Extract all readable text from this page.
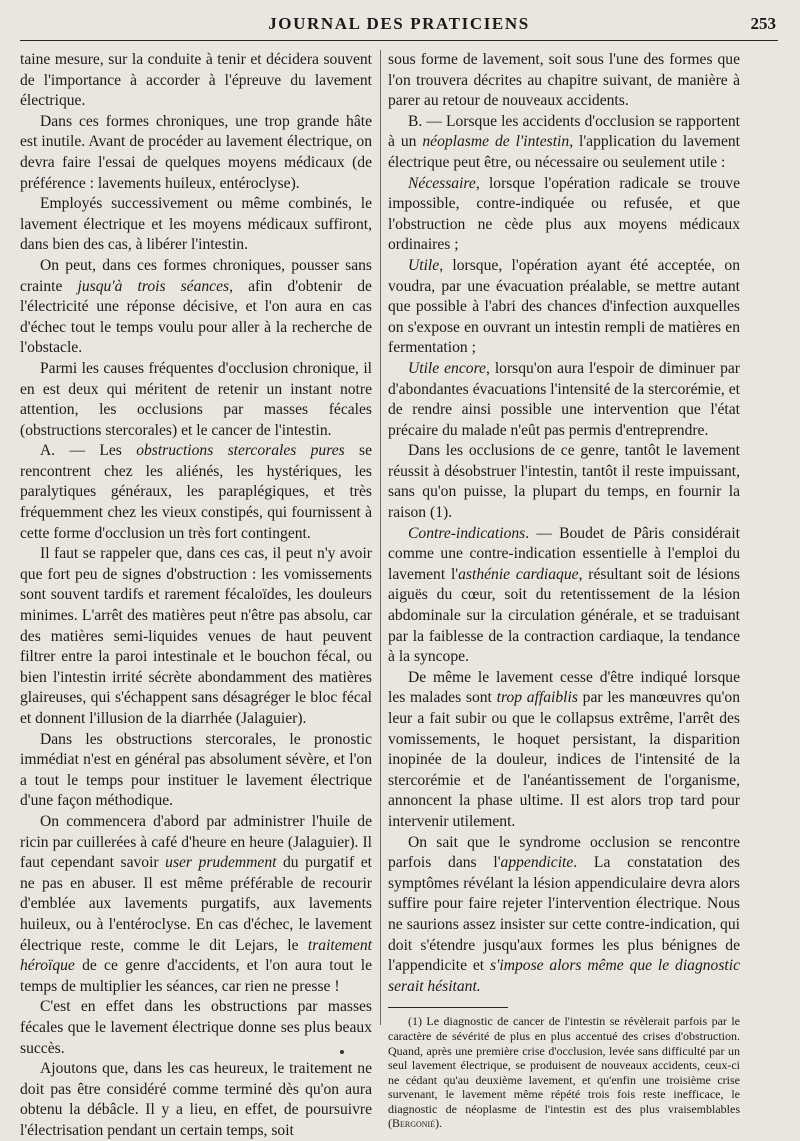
JOURNAL DES PRATICIENS	253

taine mesure, sur la conduite à tenir et décidera souvent de l'importance à accorder à l'épreuve du lavement électrique.

Dans ces formes chroniques, une trop grande hâte est inutile. Avant de procéder au lavement électrique, on devra faire l'essai de quelques moyens médicaux (de préférence : lavements huileux, entéroclyse).

Employés successivement ou même combinés, le lavement électrique et les moyens médicaux suffiront, dans bien des cas, à libérer l'intestin.

On peut, dans ces formes chroniques, pousser sans crainte jusqu'à trois séances, afin d'obtenir de l'électricité une réponse décisive, et l'on aura en cas d'échec tout le temps voulu pour aller à la recherche de l'obstacle.

Parmi les causes fréquentes d'occlusion chronique, il en est deux qui méritent de retenir un instant notre attention, les occlusions par masses fécales (obstructions stercorales) et le cancer de l'intestin.

A. — Les obstructions stercorales pures se rencontrent chez les aliénés, les hystériques, les paralytiques généraux, les paraplégiques, et très fréquemment chez les vieux constipés, qui fournissent à cette forme d'occlusion un très fort contingent.

Il faut se rappeler que, dans ces cas, il peut n'y avoir que fort peu de signes d'obstruction : les vomissements sont souvent tardifs et rarement fécaloïdes, les douleurs minimes. L'arrêt des matières peut n'être pas absolu, car des matières semi-liquides venues de haut peuvent filtrer entre la paroi intestinale et le bouchon fécal, ou bien l'intestin irrité sécrète abondamment des matières glaireuses, qui s'échappent sans désagréger le bloc fécal et donnent l'illusion de la diarrhée (Jalaguier).

Dans les obstructions stercorales, le pronostic immédiat n'est en général pas absolument sévère, et l'on a tout le temps pour instituer le lavement électrique d'une façon méthodique.

On commencera d'abord par administrer l'huile de ricin par cuillerées à café d'heure en heure (Jalaguier). Il faut cependant savoir user prudemment du purgatif et ne pas en abuser. Il est même préférable de recourir d'emblée aux lavements purgatifs, aux lavements huileux, ou à l'entéroclyse. En cas d'échec, le lavement électrique reste, comme le dit Lejars, le traitement héroïque de ce genre d'accidents, et l'on aura tout le temps de multiplier les séances, car rien ne presse !

C'est en effet dans les obstructions par masses fécales que le lavement électrique donne ses plus beaux succès.

Ajoutons que, dans les cas heureux, le traitement ne doit pas être considéré comme terminé dès qu'on aura obtenu la débâcle. Il y a lieu, en effet, de poursuivre l'électrisation pendant un certain temps, soit

sous forme de lavement, soit sous l'une des formes que l'on trouvera décrites au chapitre suivant, de manière à parer au retour de nouveaux accidents.

B. — Lorsque les accidents d'occlusion se rapportent à un néoplasme de l'intestin, l'application du lavement électrique peut être, ou nécessaire ou seulement utile :

Nécessaire, lorsque l'opération radicale se trouve impossible, contre-indiquée ou refusée, et que l'obstruction ne cède plus aux moyens médicaux ordinaires ;

Utile, lorsque, l'opération ayant été acceptée, on voudra, par une évacuation préalable, se mettre autant que possible à l'abri des chances d'infection auxquelles on s'expose en ouvrant un intestin rempli de matières en fermentation ;

Utile encore, lorsqu'on aura l'espoir de diminuer par d'abondantes évacuations l'intensité de la stercorémie, et de rendre ainsi possible une intervention que l'état précaire du malade n'eût pas permis d'entreprendre.

Dans les occlusions de ce genre, tantôt le lavement réussit à désobstruer l'intestin, tantôt il reste impuissant, sans qu'on puisse, la plupart du temps, en fournir la raison (1).

Contre-indications. — Boudet de Pâris considérait comme une contre-indication essentielle à l'emploi du lavement l'asthénie cardiaque, résultant soit de lésions aiguës du cœur, soit du retentissement de la lésion abdominale sur la circulation générale, et se traduisant par la faiblesse de la contraction cardiaque, la tendance à la syncope.

De même le lavement cesse d'être indiqué lorsque les malades sont trop affaiblis par les manœuvres qu'on leur a fait subir ou que le collapsus extrême, l'arrêt des vomissements, le hoquet persistant, la disparition inopinée de la douleur, indices de l'intensité de la stercorémie et de l'anéantissement de l'organisme, annoncent la phase ultime. Il est alors trop tard pour intervenir utilement.

On sait que le syndrome occlusion se rencontre parfois dans l'appendicite. La constatation des symptômes révélant la lésion appendiculaire devra alors suffire pour faire rejeter l'intervention électrique. Nous ne saurions assez insister sur cette contre-indication, qui doit s'étendre jusqu'aux formes les plus bénignes de l'appendicite et s'impose alors même que le diagnostic serait hésitant.

(1) Le diagnostic de cancer de l'intestin se révèlerait parfois par le caractère de sévérité de plus en plus accentué des crises d'obstruction. Quand, après une première crise d'occlusion, levée sans difficulté par un seul lavement électrique, se produisent de nouveaux accidents, ceux-ci ne cédant qu'au deuxième lavement, et qu'enfin une troisième crise survenant, le lavement même répété trois fois reste inefficace, le diagnostic de néoplasme de l'intestin est des plus vraisemblables (Bergonié).
